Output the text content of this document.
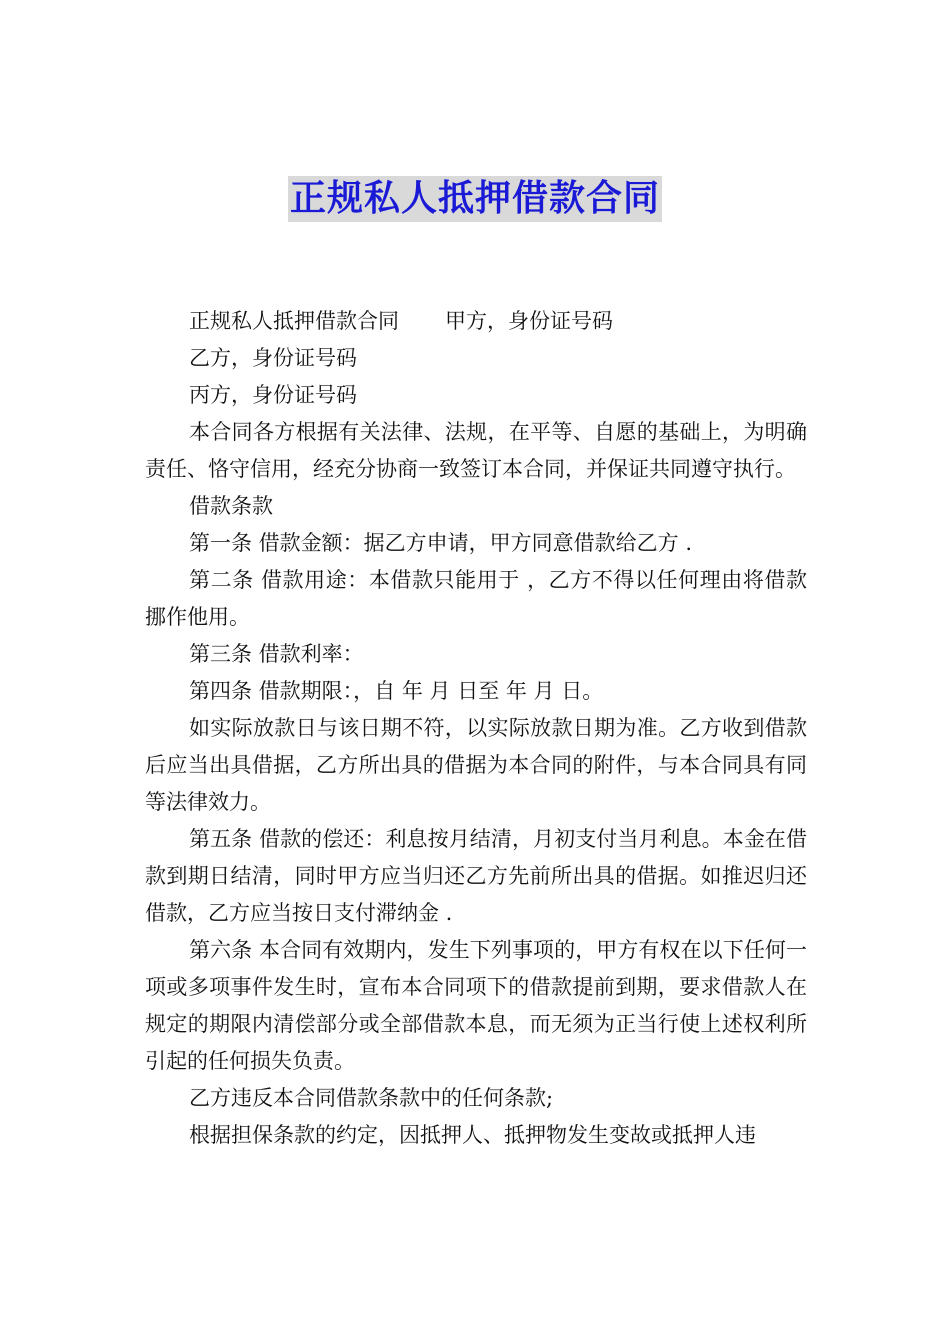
正规私人抵押借款合同

正规私人抵押借款合同 甲方，身份证号码

乙方，身份证号码

丙方，身份证号码

本合同各方根据有关法律、法规，在平等、自愿的基础上，为明确责任、恪守信用，经充分协商一致签订本合同，并保证共同遵守执行。

借款条款

第一条 借款金额：据乙方申请，甲方同意借款给乙方 .

第二条 借款用途：本借款只能用于 ，乙方不得以任何理由将借款挪作他用。

第三条 借款利率：

第四条 借款期限：，自 年 月 日至 年 月 日。

如实际放款日与该日期不符，以实际放款日期为准。乙方收到借款后应当出具借据，乙方所出具的借据为本合同的附件，与本合同具有同等法律效力。

第五条 借款的偿还：利息按月结清，月初支付当月利息。本金在借款到期日结清，同时甲方应当归还乙方先前所出具的借据。如推迟归还借款，乙方应当按日支付滞纳金 .

第六条 本合同有效期内，发生下列事项的，甲方有权在以下任何一项或多项事件发生时，宣布本合同项下的借款提前到期，要求借款人在规定的期限内清偿部分或全部借款本息，而无须为正当行使上述权利所引起的任何损失负责。

乙方违反本合同借款条款中的任何条款;

根据担保条款的约定，因抵押人、抵押物发生变故或抵押人违
